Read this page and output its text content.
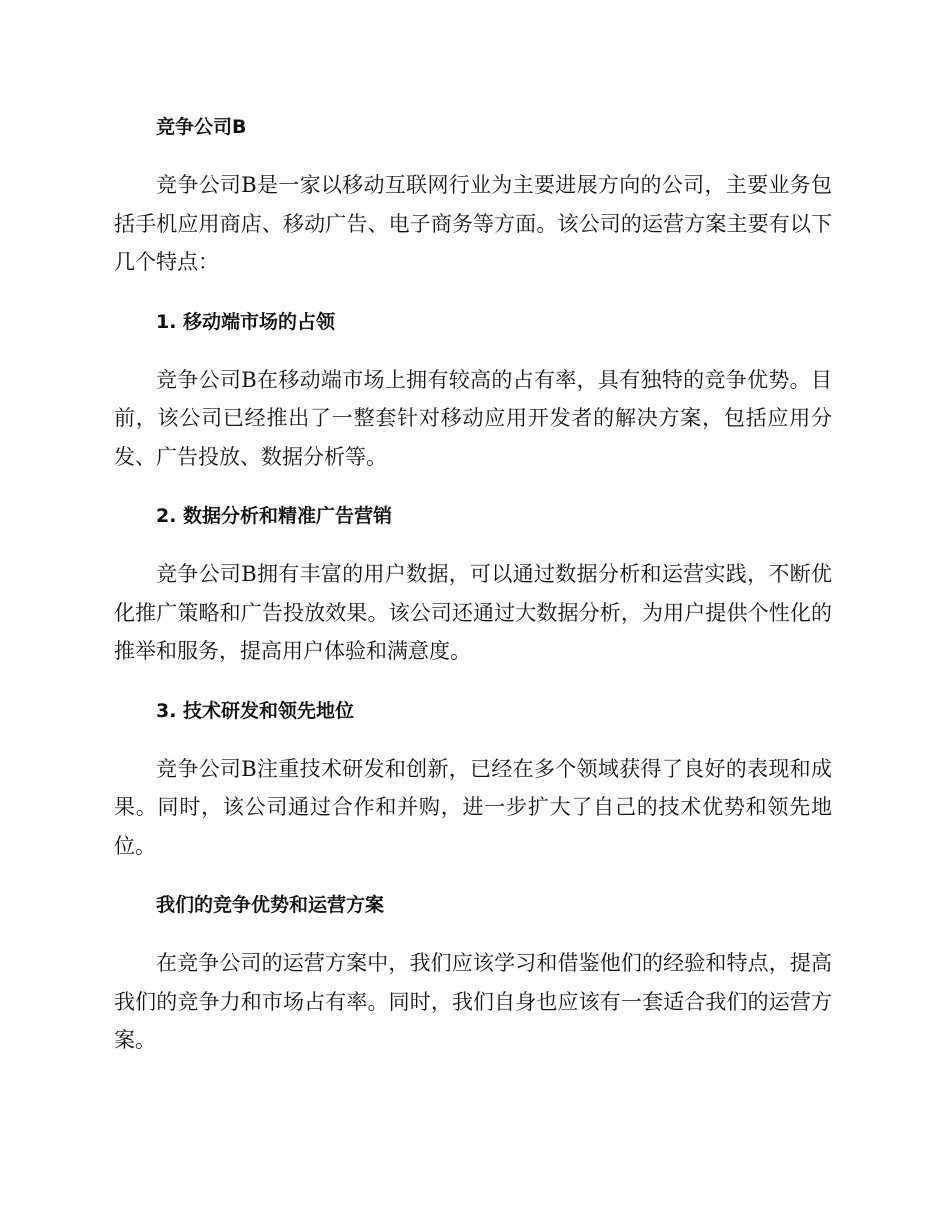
竞争公司B

竞争公司B是一家以移动互联网行业为主要进展方向的公司，主要业务包括手机应用商店、移动广告、电子商务等方面。该公司的运营方案主要有以下几个特点：

1. 移动端市场的占领

竞争公司B在移动端市场上拥有较高的占有率，具有独特的竞争优势。目前，该公司已经推出了一整套针对移动应用开发者的解决方案，包括应用分发、广告投放、数据分析等。

2. 数据分析和精准广告营销

竞争公司B拥有丰富的用户数据，可以通过数据分析和运营实践，不断优化推广策略和广告投放效果。该公司还通过大数据分析，为用户提供个性化的推举和服务，提高用户体验和满意度。

3. 技术研发和领先地位

竞争公司B注重技术研发和创新，已经在多个领域获得了良好的表现和成果。同时，该公司通过合作和并购，进一步扩大了自己的技术优势和领先地位。

我们的竞争优势和运营方案

在竞争公司的运营方案中，我们应该学习和借鉴他们的经验和特点，提高我们的竞争力和市场占有率。同时，我们自身也应该有一套适合我们的运营方案。
